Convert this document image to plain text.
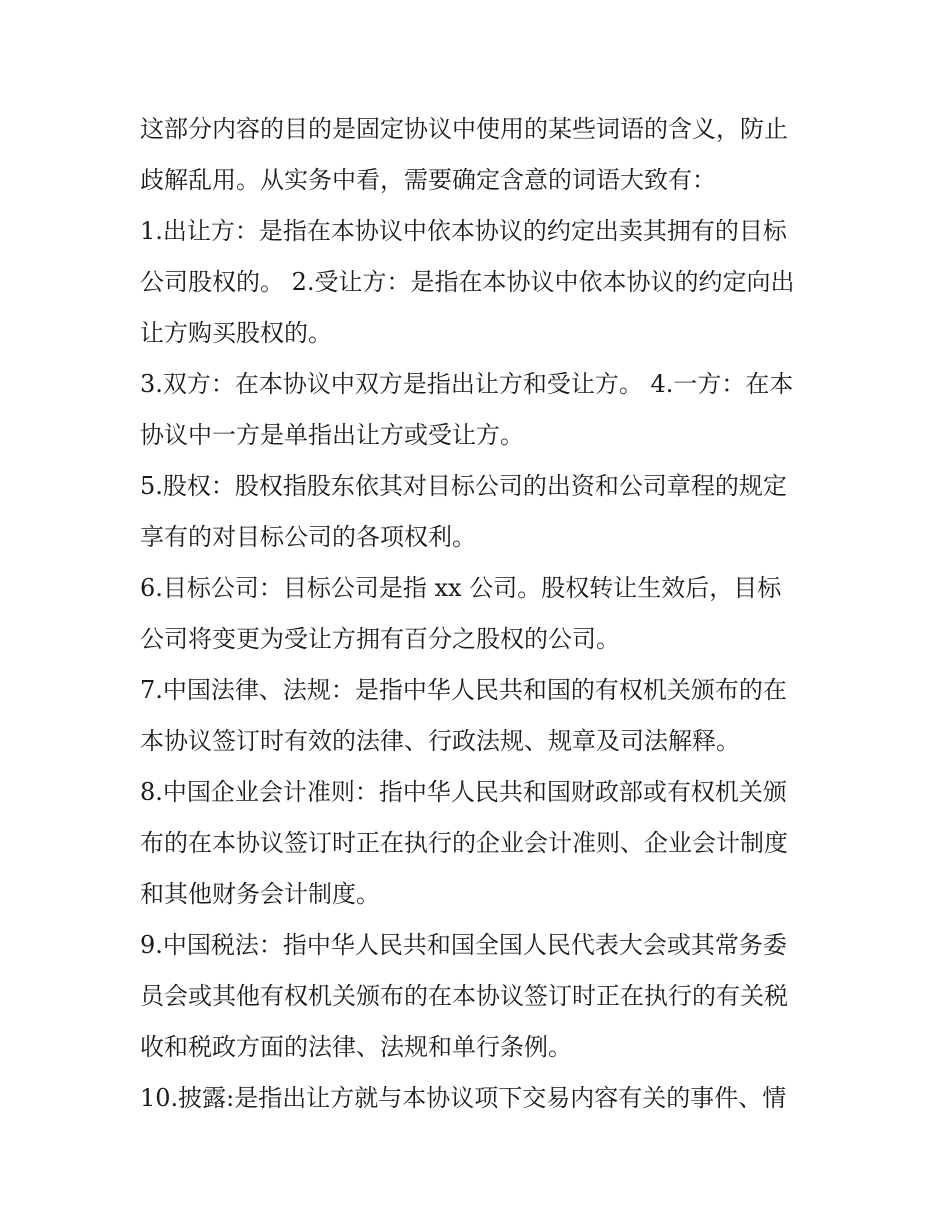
这部分内容的目的是固定协议中使用的某些词语的含义，防止
歧解乱用。从实务中看，需要确定含意的词语大致有：
1.出让方：是指在本协议中依本协议的约定出卖其拥有的目标
公司股权的。 2.受让方：是指在本协议中依本协议的约定向出
让方购买股权的。
3.双方：在本协议中双方是指出让方和受让方。 4.一方：在本
协议中一方是单指出让方或受让方。
5.股权：股权指股东依其对目标公司的出资和公司章程的规定
享有的对目标公司的各项权利。
6.目标公司：目标公司是指 xx 公司。股权转让生效后，目标
公司将变更为受让方拥有百分之股权的公司。
7.中国法律、法规：是指中华人民共和国的有权机关颁布的在
本协议签订时有效的法律、行政法规、规章及司法解释。
8.中国企业会计准则：指中华人民共和国财政部或有权机关颁
布的在本协议签订时正在执行的企业会计准则、企业会计制度
和其他财务会计制度。
9.中国税法：指中华人民共和国全国人民代表大会或其常务委
员会或其他有权机关颁布的在本协议签订时正在执行的有关税
收和税政方面的法律、法规和单行条例。
10.披露:是指出让方就与本协议项下交易内容有关的事件、情
